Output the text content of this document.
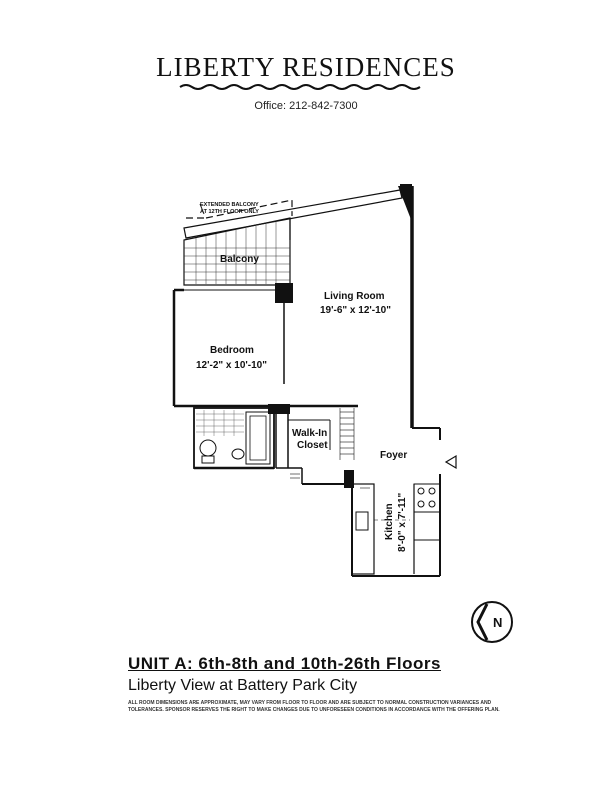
LIBERTY RESIDENCES
Office: 212-842-7300
EXTENDED BALCONY
AT 12TH FLOOR ONLY
Balcony
Living Room
19'-6" x 12'-10"
Bedroom
12'-2" x 10'-10"
Walk-In
Closet
Foyer
Kitchen 8'-0" x 7'-11"
N
UNIT A: 6th-8th and 10th-26th Floors
Liberty View at Battery Park City
ALL ROOM DIMENSIONS ARE APPROXIMATE, MAY VARY FROM FLOOR TO FLOOR AND ARE SUBJECT TO NORMAL CONSTRUCTION VARIANCES AND TOLERANCES. SPONSOR RESERVES THE RIGHT TO MAKE CHANGES DUE TO UNFORESEEN CONDITIONS IN ACCORDANCE WITH THE OFFERING PLAN.
